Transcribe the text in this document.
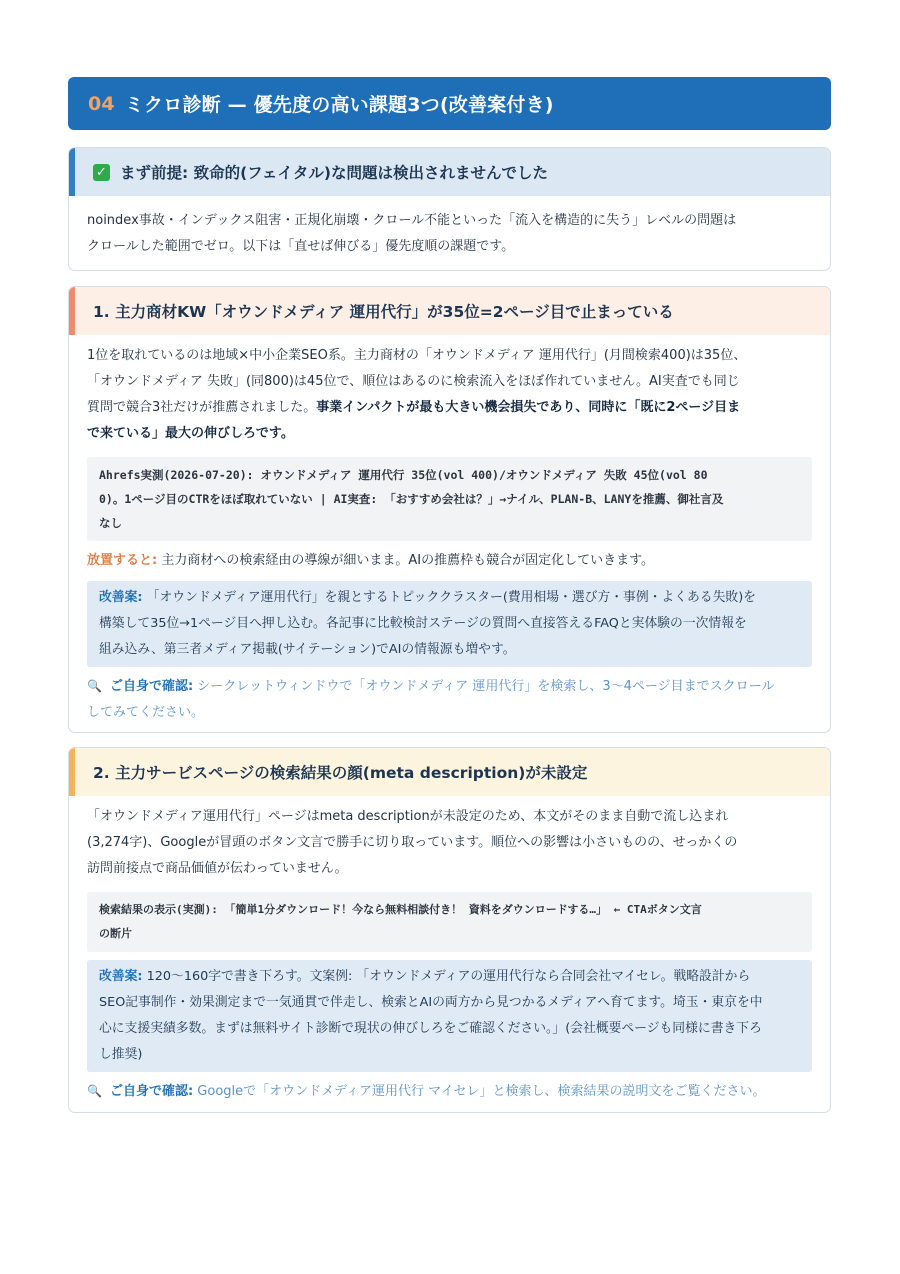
04 ミクロ診断 — 優先度の高い課題3つ(改善案付き)
✓ まず前提: 致命的(フェイタル)な問題は検出されませんでした

noindex事故・インデックス阻害・正規化崩壊・クロール不能といった「流入を構造的に失う」レベルの問題は

クロールした範囲でゼロ。以下は「直せば伸びる」優先度順の課題です。

1. 主力商材KW「オウンドメディア 運用代行」が35位=2ページ目で止まっている

1位を取れているのは地域×中小企業SEO系。主力商材の「オウンドメディア 運用代行」(月間検索400)は35位、

「オウンドメディア 失敗」(同800)は45位で、順位はあるのに検索流入をほぼ作れていません。AI実査でも同じ

質問で競合3社だけが推薦されました。事業インパクトが最も大きい機会損失であり、同時に「既に2ページ目ま

で来ている」最大の伸びしろです。

Ahrefs実測(2026-07-20): オウンドメディア 運用代行 35位(vol 400)/オウンドメディア 失敗 45位(vol 80
0)。1ページ目のCTRをほぼ取れていない | AI実査: 「おすすめ会社は？」→ナイル、PLAN-B、LANYを推薦、御社言及
なし
放置すると: 主力商材への検索経由の導線が細いまま。AIの推薦枠も競合が固定化していきます。
改善案: 「オウンドメディア運用代行」を親とするトピッククラスター(費用相場・選び方・事例・よくある失敗)を
構築して35位→1ページ目へ押し込む。各記事に比較検討ステージの質問へ直接答えるFAQと実体験の一次情報を
組み込み、第三者メディア掲載(サイテーション)でAIの情報源も増やす。
🔍 ご自身で確認: シークレットウィンドウで「オウンドメディア 運用代行」を検索し、3〜4ページ目までスクロール
してみてください。
2. 主力サービスページの検索結果の顔(meta description)が未設定

「オウンドメディア運用代行」ページはmeta descriptionが未設定のため、本文がそのまま自動で流し込まれ

(3,274字)、Googleが冒頭のボタン文言で勝手に切り取っています。順位への影響は小さいものの、せっかくの

訪問前接点で商品価値が伝わっていません。

検索結果の表示(実測): 「簡単1分ダウンロード！今なら無料相談付き！ 資料をダウンロードする…」 ← CTAボタン文言
の断片
改善案: 120〜160字で書き下ろす。文案例: 「オウンドメディアの運用代行なら合同会社マイセレ。戦略設計から
SEO記事制作・効果測定まで一気通貫で伴走し、検索とAIの両方から見つかるメディアへ育てます。埼玉・東京を中
心に支援実績多数。まずは無料サイト診断で現状の伸びしろをご確認ください。」(会社概要ページも同様に書き下ろ
し推奨)
🔍 ご自身で確認: Googleで「オウンドメディア運用代行 マイセレ」と検索し、検索結果の説明文をご覧ください。
